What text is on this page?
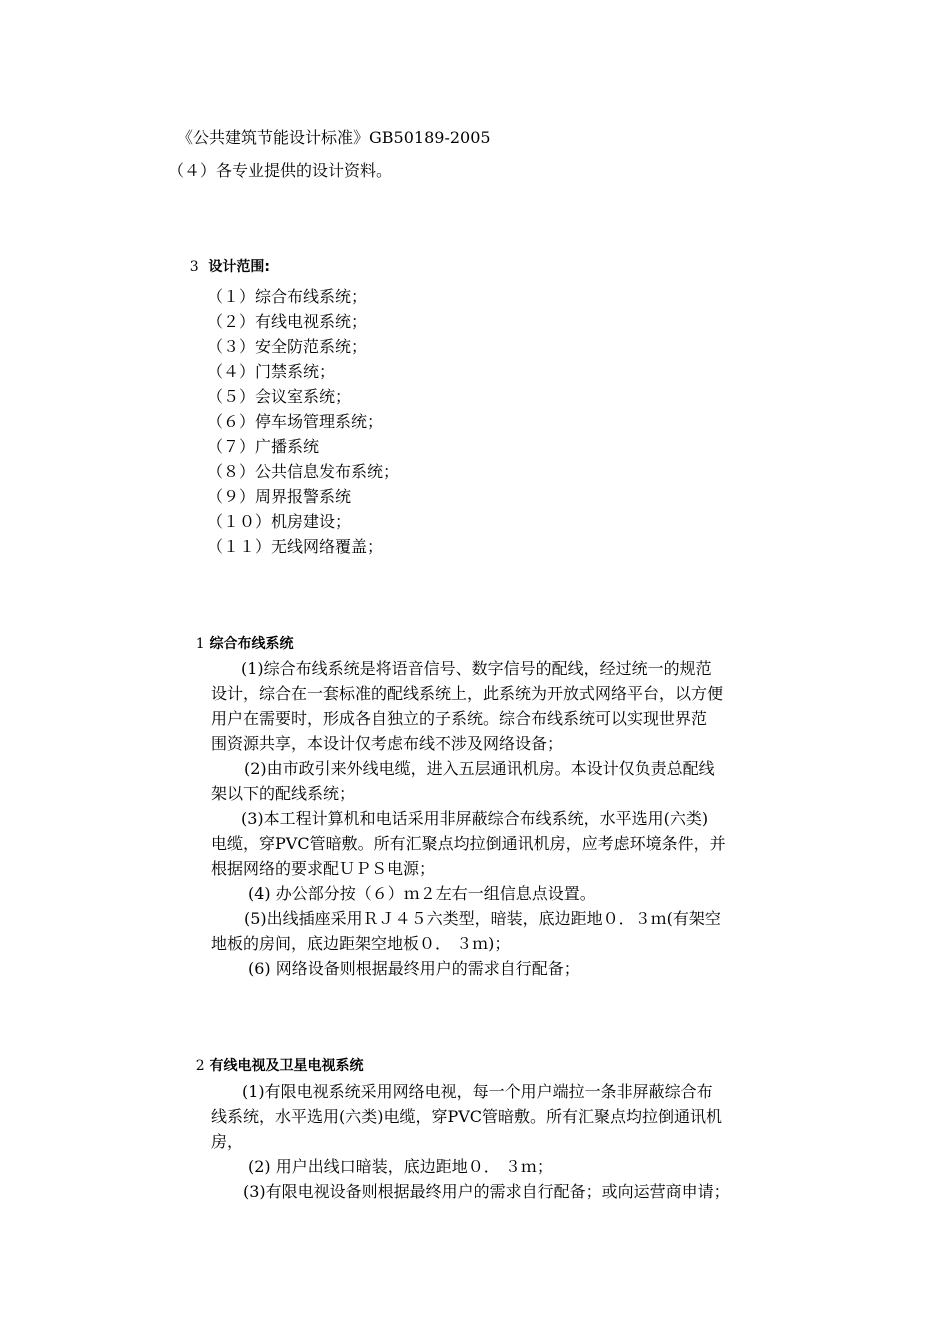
《公共建筑节能设计标准》GB50189-2005
（４）各专业提供的设计资料。

3 设计范围:

（１）综合布线系统；
（２）有线电视系统；
（３）安全防范系统；
（４）门禁系统；
（５）会议室系统；
（６）停车场管理系统；
（７）广播系统
（８）公共信息发布系统；
（９）周界报警系统
（１０）机房建设；
（１１）无线网络覆盖；

1 综合布线系统

(1)综合布线系统是将语音信号、数字信号的配线，经过统一的规范
设计，综合在一套标准的配线系统上，此系统为开放式网络平台，以方便
用户在需要时，形成各自独立的子系统。综合布线系统可以实现世界范
围资源共享，本设计仅考虑布线不涉及网络设备；
(2)由市政引来外线电缆，进入五层通讯机房。本设计仅负责总配线
架以下的配线系统；
(3)本工程计算机和电话采用非屏蔽综合布线系统，水平选用(六类)
电缆，穿PVC管暗敷。所有汇聚点均拉倒通讯机房，应考虑环境条件，并
根据网络的要求配ＵＰＳ电源；
(4) 办公部分按（６）ｍ２左右一组信息点设置。
(5)出线插座采用ＲＪ４５六类型，暗装，底边距地０．３ｍ(有架空
地板的房间，底边距架空地板０． ３ｍ)；
(6) 网络设备则根据最终用户的需求自行配备；

2 有线电视及卫星电视系统

(1)有限电视系统采用网络电视，每一个用户端拉一条非屏蔽综合布
线系统，水平选用(六类)电缆，穿PVC管暗敷。所有汇聚点均拉倒通讯机
房，
(2) 用户出线口暗装，底边距地０． ３ｍ；
(3)有限电视设备则根据最终用户的需求自行配备；或向运营商申请；
